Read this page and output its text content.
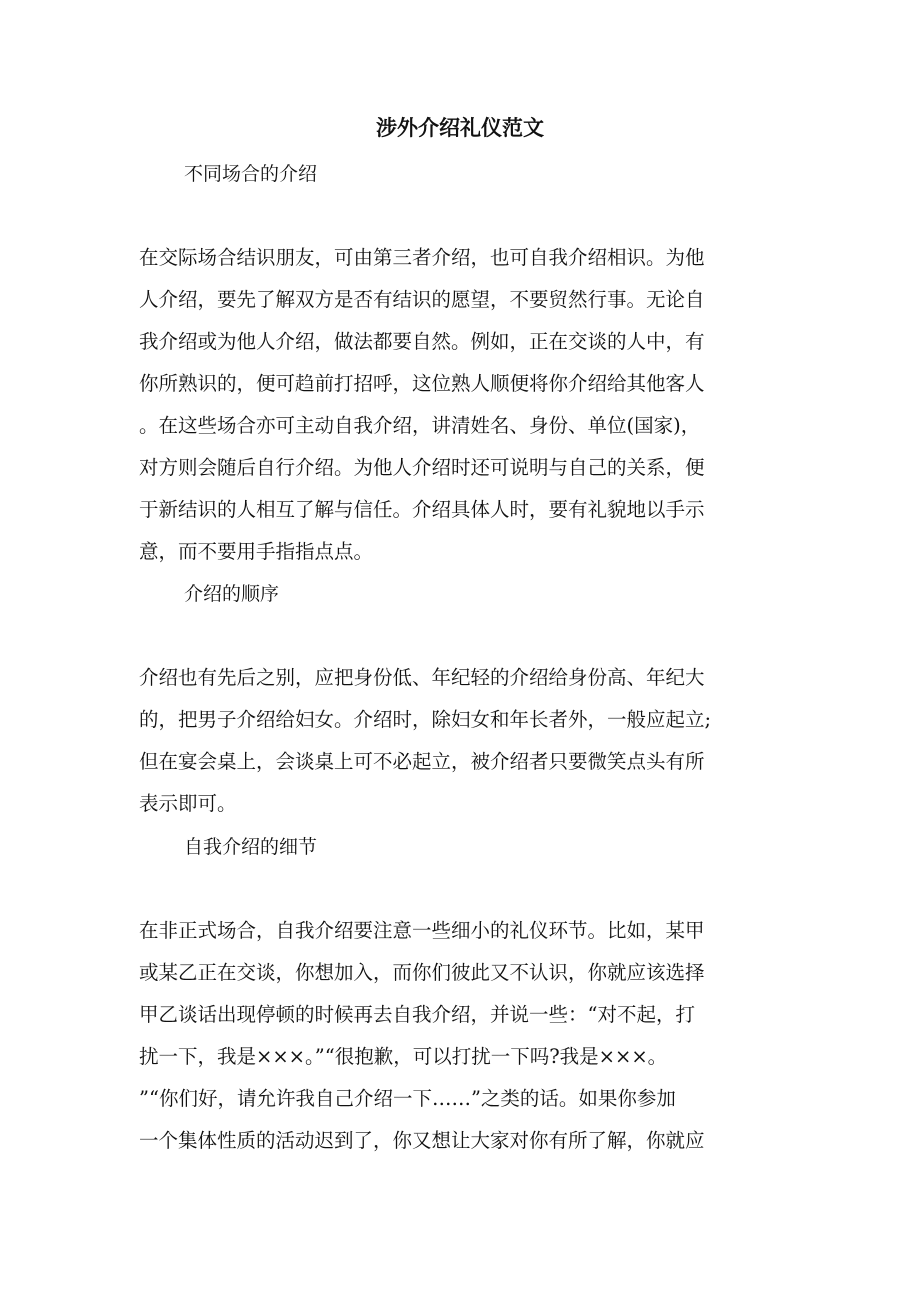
涉外介绍礼仪范文

不同场合的介绍

在交际场合结识朋友，可由第三者介绍，也可自我介绍相识。为他
人介绍，要先了解双方是否有结识的愿望，不要贸然行事。无论自
我介绍或为他人介绍，做法都要自然。例如，正在交谈的人中，有
你所熟识的，便可趋前打招呼，这位熟人顺便将你介绍给其他客人
。在这些场合亦可主动自我介绍，讲清姓名、身份、单位(国家)，
对方则会随后自行介绍。为他人介绍时还可说明与自己的关系，便
于新结识的人相互了解与信任。介绍具体人时，要有礼貌地以手示
意，而不要用手指指点点。

介绍的顺序

介绍也有先后之别，应把身份低、年纪轻的介绍给身份高、年纪大
的，把男子介绍给妇女。介绍时，除妇女和年长者外，一般应起立;
但在宴会桌上，会谈桌上可不必起立，被介绍者只要微笑点头有所
表示即可。

自我介绍的细节

在非正式场合，自我介绍要注意一些细小的礼仪环节。比如，某甲
或某乙正在交谈，你想加入，而你们彼此又不认识，你就应该选择
甲乙谈话出现停顿的时候再去自我介绍，并说一些：“对不起，打
扰一下，我是×××。”“很抱歉，可以打扰一下吗?我是×××。
”“你们好，请允许我自己介绍一下……”之类的话。如果你参加
一个集体性质的活动迟到了，你又想让大家对你有所了解，你就应
